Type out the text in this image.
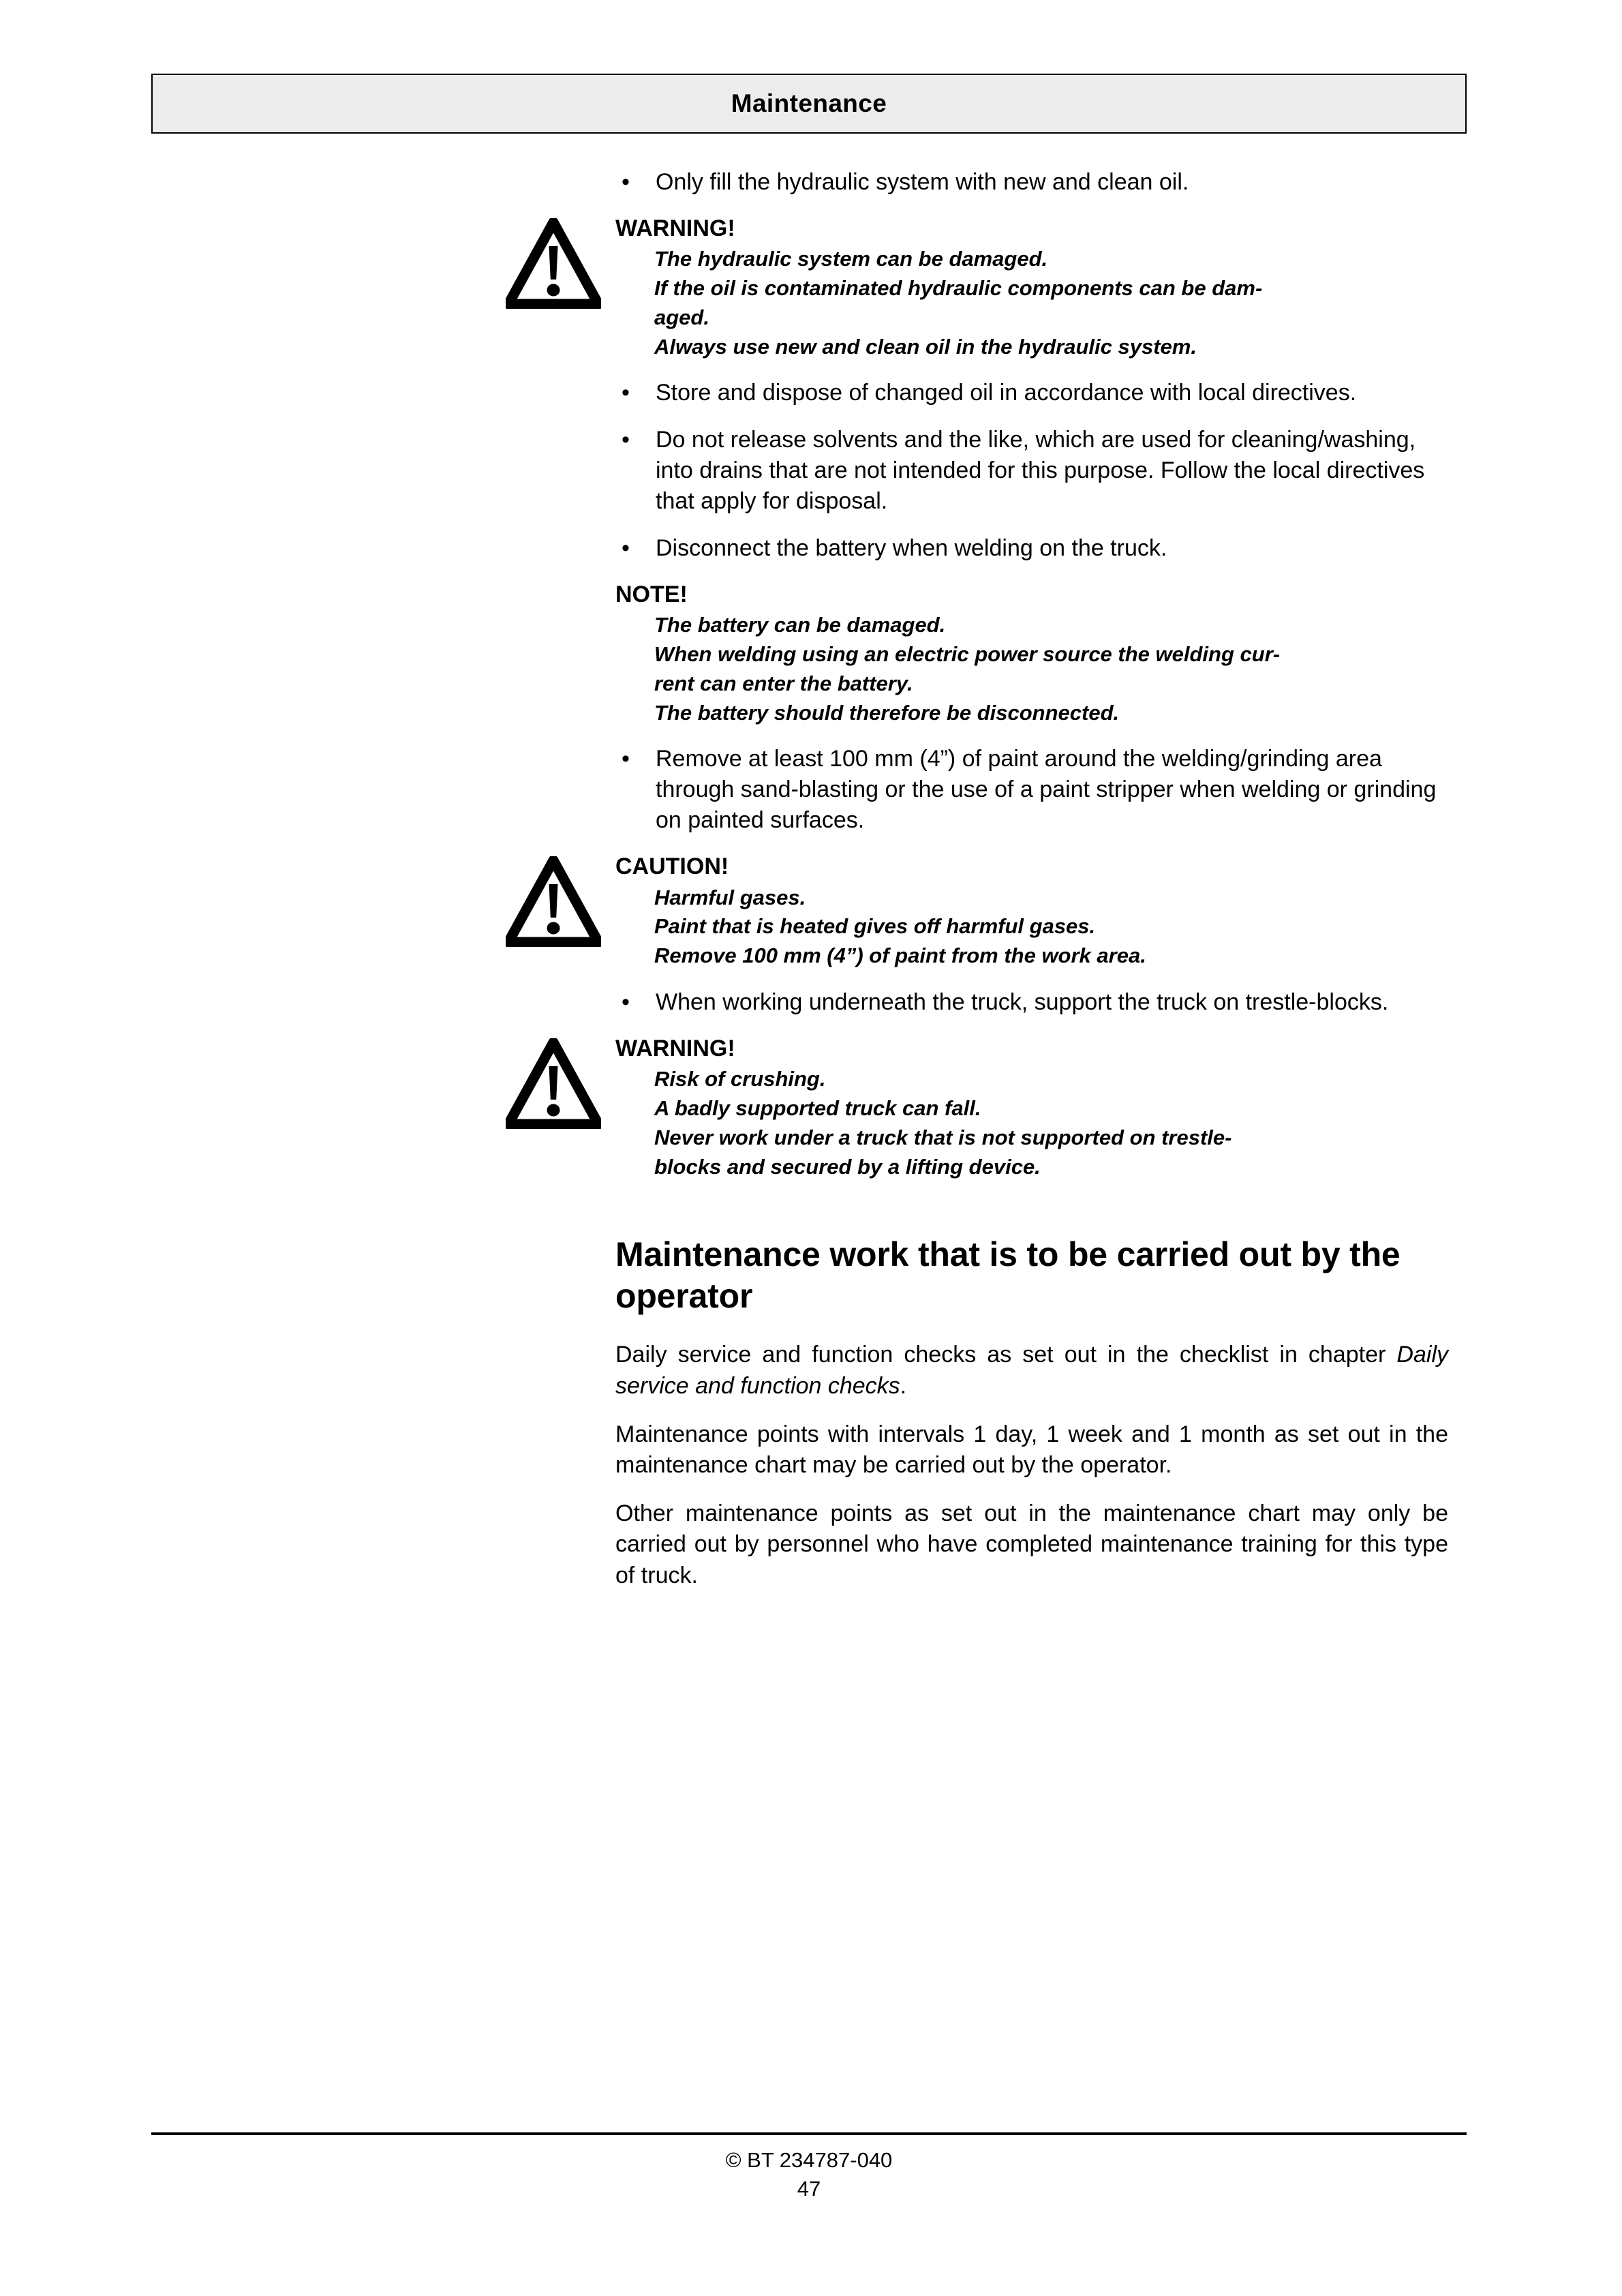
Maintenance

• Only fill the hydraulic system with new and clean oil.

WARNING!
The hydraulic system can be damaged.
If the oil is contaminated hydraulic components can be dam-
aged.
Always use new and clean oil in the hydraulic system.

• Store and dispose of changed oil in accordance with local directives.

• Do not release solvents and the like, which are used for cleaning/washing, into drains that are not intended for this purpose. Follow the local directives that apply for disposal.

• Disconnect the battery when welding on the truck.

NOTE!
The battery can be damaged.
When welding using an electric power source the welding cur-
rent can enter the battery.
The battery should therefore be disconnected.

• Remove at least 100 mm (4”) of paint around the welding/grinding area through sand-blasting or the use of a paint stripper when welding or grinding on painted surfaces.

CAUTION!
Harmful gases.
Paint that is heated gives off harmful gases.
Remove 100 mm (4”) of paint from the work area.

• When working underneath the truck, support the truck on trestle-blocks.

WARNING!
Risk of crushing.
A badly supported truck can fall.
Never work under a truck that is not supported on trestle-
blocks and secured by a lifting device.
Maintenance work that is to be carried out by the operator

Daily service and function checks as set out in the checklist in chapter Daily service and function checks.

Maintenance points with intervals 1 day, 1 week and 1 month as set out in the maintenance chart may be carried out by the operator.

Other maintenance points as set out in the maintenance chart may only be carried out by personnel who have completed maintenance training for this type of truck.

© BT 234787-040
47
